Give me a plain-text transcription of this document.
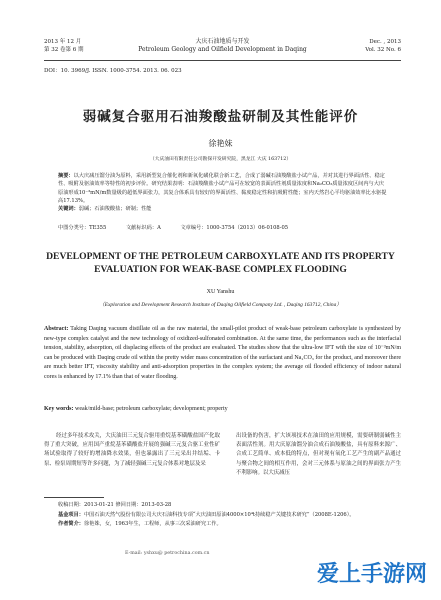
2013 年 12 月
第 32 卷第 6 期
大庆石油地质与开发
Petroleum Geology and Oilfield Development in Daqing
Dec. , 2013
Vol. 32 No. 6
DOI：10. 3969/J. ISSN. 1000-3754. 2013. 06. 023
弱碱复合驱用石油羧酸盐研制及其性能评价
徐艳妹
（大庆油田有限责任公司勘探开发研究院，黑龙江 大庆 163712）
摘要：以大庆减压馏分油为原料，采用新型复合催化剂和新氧化磺化联合新工艺，合成了弱碱石油羧酸盐小试产品，并对其进行界面活性、稳定性、吸附及驱油效率等特性的初步评价。研究结果表明：石油羧酸盐小试产品可在较宽的表面活性剂质量浓度和Na₂CO₃质量浓度区间内与大庆原油形成10⁻³mN/m数量级的超低界面张力，其复合体系具有较好的界面活性、黏度稳定性和抗吸附性能；室内天然岩心平均驱油效率比水驱提高17.13%。
关键词：弱碱；石油羧酸盐；研制；性能
中图分类号：TE355	文献标识码：A	文章编号：1000-3754（2013）06-0108-05
DEVELOPMENT OF THE PETROLEUM CARBOXYLATE AND ITS PROPERTY EVALUATION FOR WEAK-BASE COMPLEX FLOODING
XU Yanshu
（Exploration and Development Research Institute of Daqing Oilfield Company Ltd. , Daqing 163712, China）
Abstract: Taking Daqing vacuum distillate oil as the raw material, the small-pilot product of weak-base petroleum carboxylate is synthesized by new-type complex catalyst and the new technology of oxidized-sulfonated combination. At the same time, the performances such as the interfacial tension, stability, adsorption, oil displacing effects of the product are evaluated. The studies show that the ultra-low IFT with the size of 10⁻³mN/m can be produced with Daqing crude oil within the pretty wider mass concentration of the surfactant and Na₂CO₃ for the product, and moreover there are much better IFT, viscosity stability and anti-adsorption properties in the complex system; the average oil flooded efficiency of indoor natural cores is enhanced by 17.1% than that of water flooding.
Key words: weak/mild-base; petroleum carboxylate; development; property
经过多年技术攻关，大庆油田三元复合驱用重烷基苯磺酸盐国产化取得了重大突破，应用国产重烷基苯磺酸盐开展的强碱三元复合驱工业性矿场试验取得了较好的增油降水效果，但也暴露出了三元采出井结垢、卡泵、检泵周期短等许多问题，为了减轻强碱三元复合体系对地层及采
出设备的伤害，扩大该项技术在油田的应用规模，需要研制弱碱性主表面活性剂。用大庆原油馏分油合成石油羧酸盐，具有原料来源广、合成工艺简单、成本低的特点，但对现有氧化工艺产生的副产品通过与聚合物之间的相互作用，会对三元体系与原油之间的界面张力产生不利影响。以大庆减压
收稿日期：2013-01-21 修回日期：2013-03-28
基金项目：中国石油天然气股份有限公司大庆石油科技专项“大庆油田原油4000×10⁴t持续稳产关键技术研究”（2008E-1206）。
作者简介：徐艳姝，女，1963年生，工程师，从事三次采油研究工作。
E-mail: yshxu@ petrochina.com.cn
爱上手游网
